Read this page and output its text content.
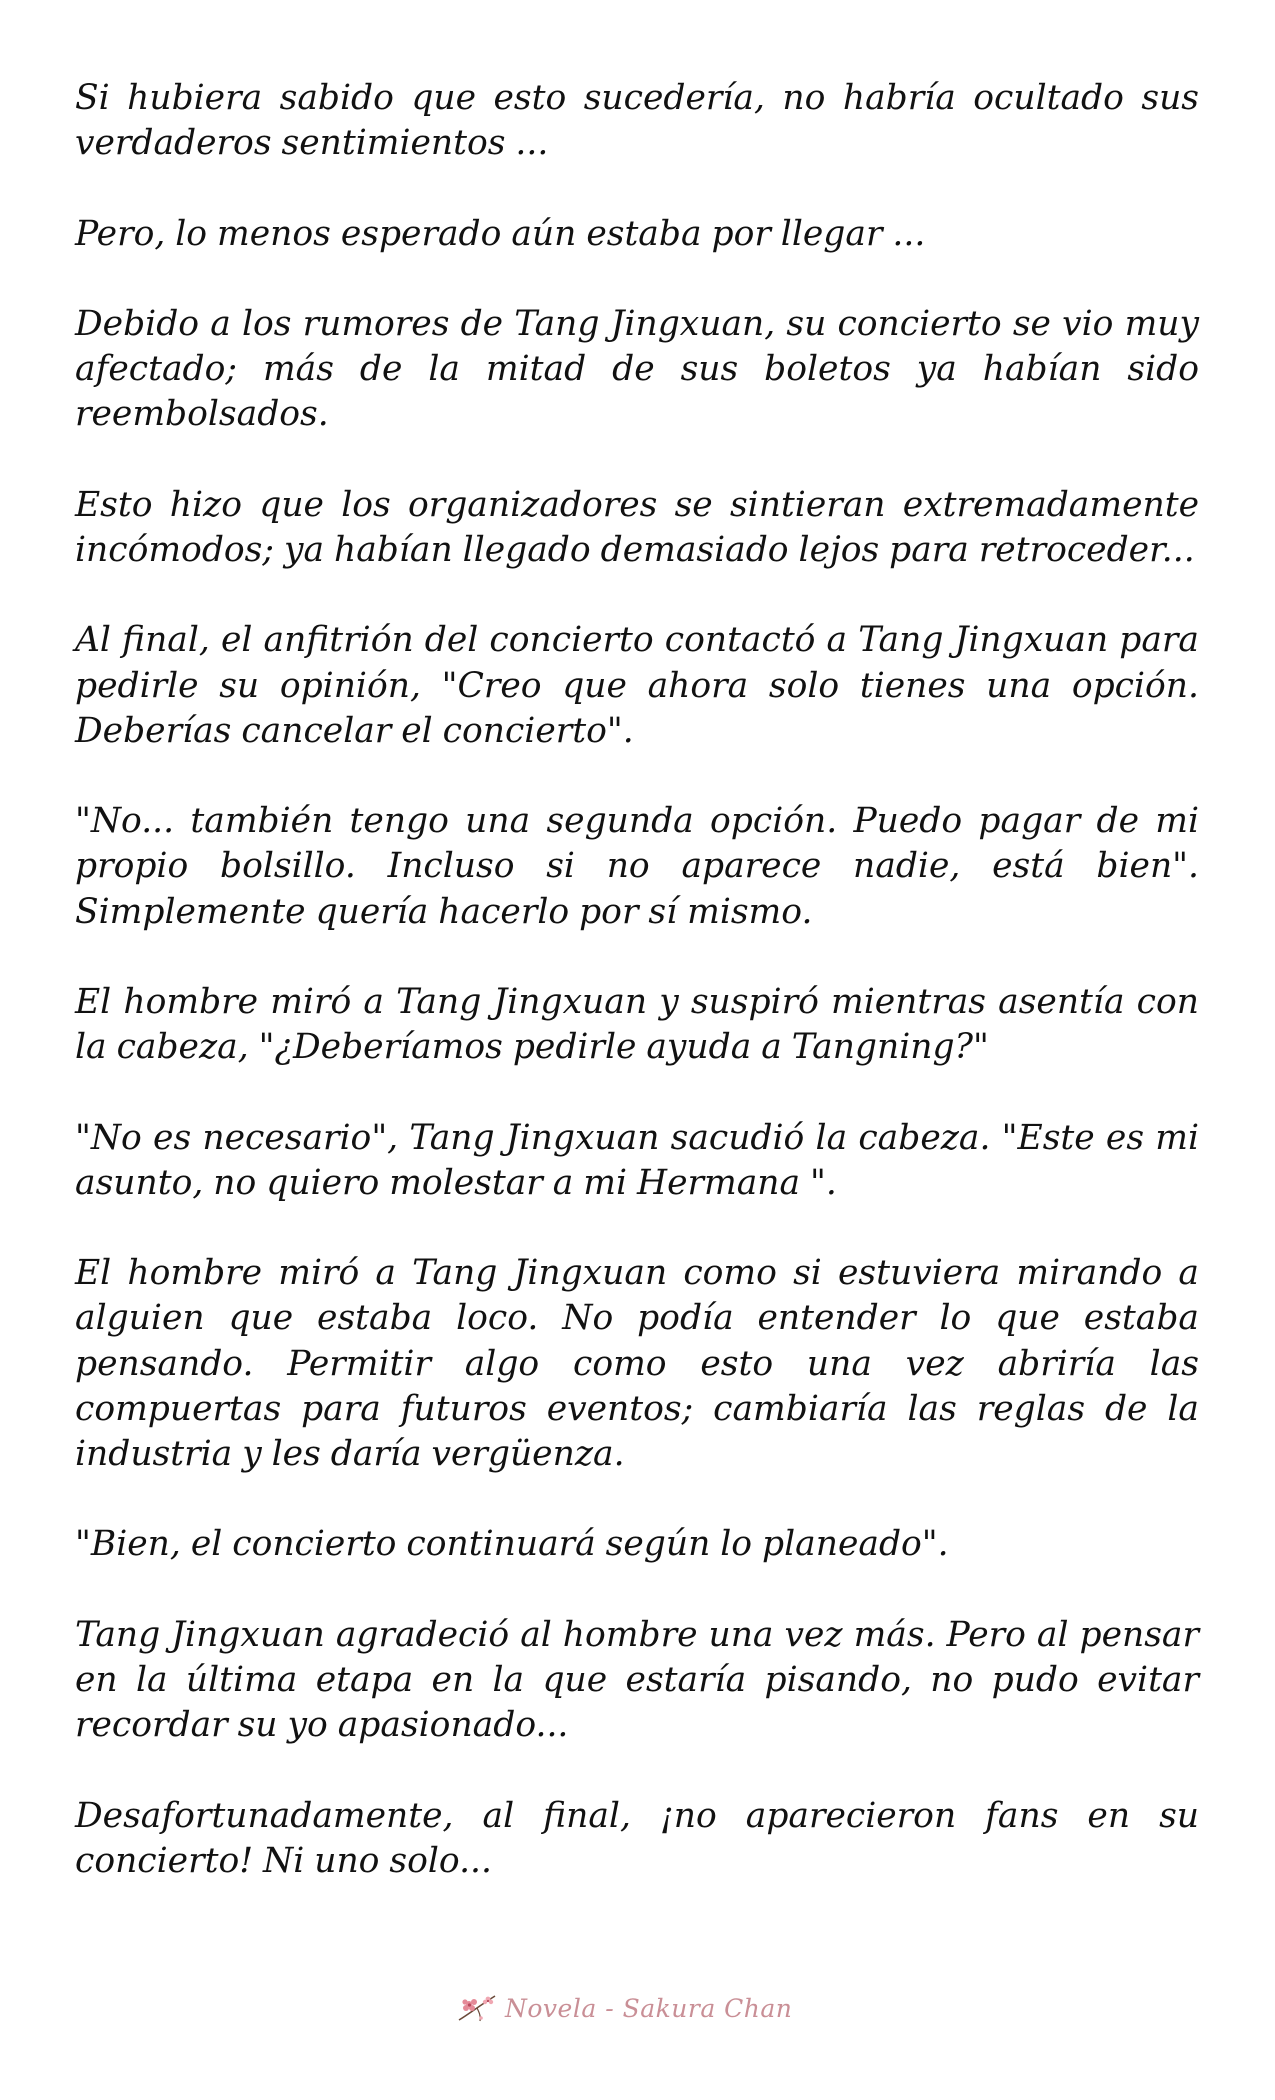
Si hubiera sabido que esto sucedería, no habría ocultado sus verdaderos sentimientos ...

Pero, lo menos esperado aún estaba por llegar ...

Debido a los rumores de Tang Jingxuan, su concierto se vio muy afectado; más de la mitad de sus boletos ya habían sido reembolsados.

Esto hizo que los organizadores se sintieran extremadamente incómodos; ya habían llegado demasiado lejos para retroceder...

Al final, el anfitrión del concierto contactó a Tang Jingxuan para pedirle su opinión, "Creo que ahora solo tienes una opción. Deberías cancelar el concierto".

"No... también tengo una segunda opción. Puedo pagar de mi propio bolsillo. Incluso si no aparece nadie, está bien". Simplemente quería hacerlo por sí mismo.

El hombre miró a Tang Jingxuan y suspiró mientras asentía con la cabeza, "¿Deberíamos pedirle ayuda a Tangning?"

"No es necesario", Tang Jingxuan sacudió la cabeza. "Este es mi asunto, no quiero molestar a mi Hermana ".

El hombre miró a Tang Jingxuan como si estuviera mirando a alguien que estaba loco. No podía entender lo que estaba pensando. Permitir algo como esto una vez abriría las compuertas para futuros eventos; cambiaría las reglas de la industria y les daría vergüenza.

"Bien, el concierto continuará según lo planeado".

Tang Jingxuan agradeció al hombre una vez más. Pero al pensar en la última etapa en la que estaría pisando, no pudo evitar recordar su yo apasionado...

Desafortunadamente, al final, ¡no aparecieron fans en su concierto! Ni uno solo...

Novela - Sakura Chan
